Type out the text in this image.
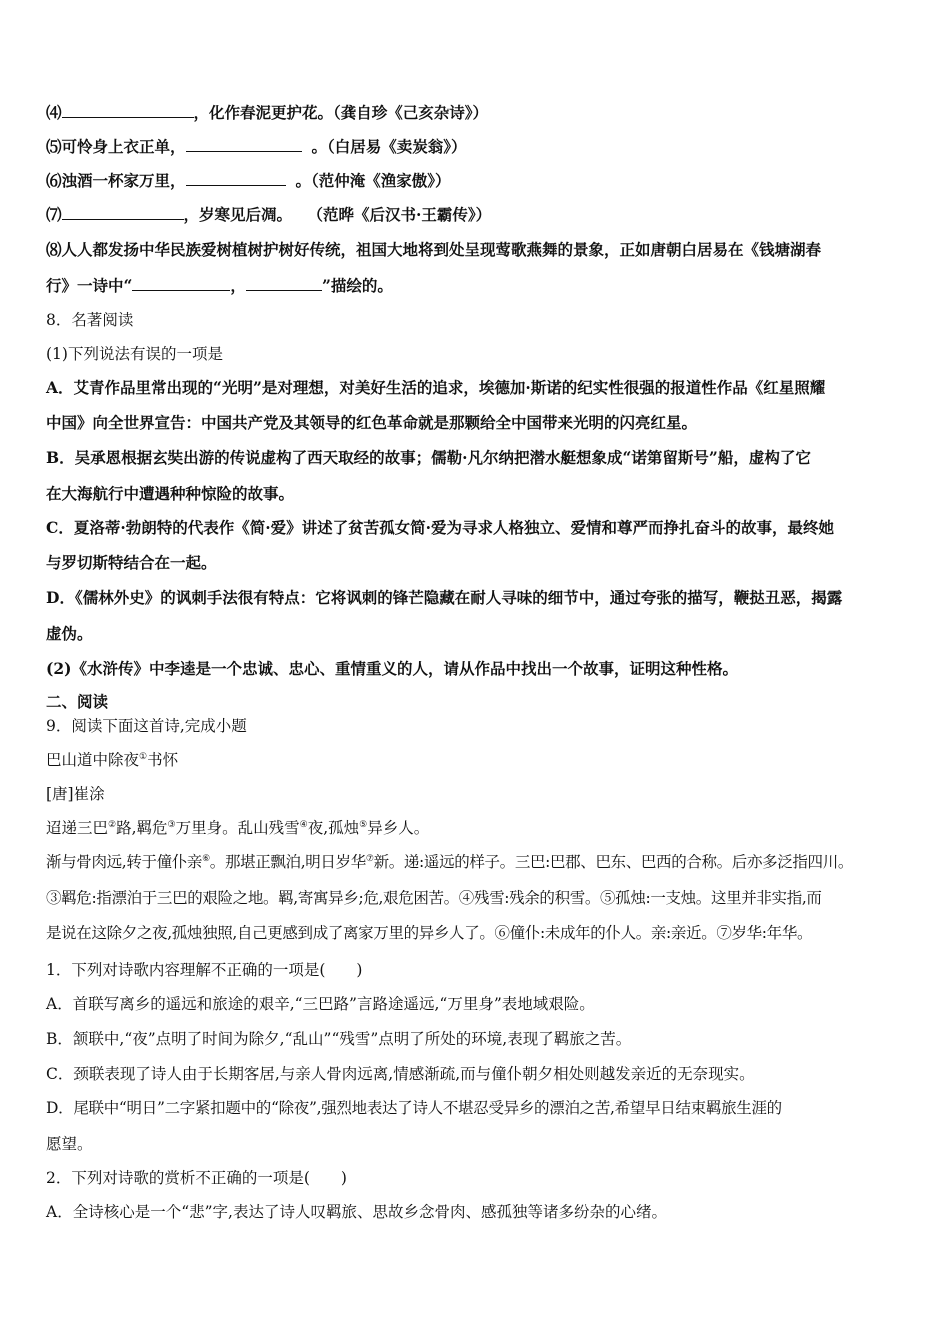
⑷	，化作春泥更护花。（龚自珍《己亥杂诗》）
⑸可怜身上衣正单，	。（白居易《卖炭翁》）
⑹浊酒一杯家万里，	。（范仲淹《渔家傲》）
⑺	，岁寒见后凋。　　（范晔《后汉书·王霸传》）
⑻人人都发扬中华民族爱树植树护树好传统，祖国大地将到处呈现莺歌燕舞的景象，正如唐朝白居易在《钱塘湖春
行》一诗中“	，	”描绘的。
8．名著阅读
(1)下列说法有误的一项是
A．艾青作品里常出现的“光明”是对理想，对美好生活的追求，埃德加·斯诺的纪实性很强的报道性作品《红星照耀
中国》向全世界宣告：中国共产党及其领导的红色革命就是那颗给全中国带来光明的闪亮红星。
B．吴承恩根据玄奘出游的传说虚构了西天取经的故事；儒勒·凡尔纳把潜水艇想象成“诺第留斯号”船，虚构了它
在大海航行中遭遇种种惊险的故事。
C．夏洛蒂·勃朗特的代表作《简·爱》讲述了贫苦孤女简·爱为寻求人格独立、爱情和尊严而挣扎奋斗的故事，最终她
与罗切斯特结合在一起。
D．《儒林外史》的讽刺手法很有特点：它将讽刺的锋芒隐藏在耐人寻味的细节中，通过夸张的描写，鞭挞丑恶，揭露
虚伪。
(2)《水浒传》中李逵是一个忠诚、忠心、重情重义的人，请从作品中找出一个故事，证明这种性格。
二、阅读
9．阅读下面这首诗,完成小题
巴山道中除夜①书怀
[唐]崔涂
迢递三巴②路,羁危③万里身。乱山残雪④夜,孤烛⑤异乡人。
渐与骨肉远,转于僮仆亲⑥。那堪正飘泊,明日岁华⑦新。递:遥远的样子。三巴:巴郡、巴东、巴西的合称。后亦多泛指四川。
③羁危:指漂泊于三巴的艰险之地。羁,寄寓异乡;危,艰危困苦。④残雪:残余的积雪。⑤孤烛:一支烛。这里并非实指,而
是说在这除夕之夜,孤烛独照,自己更感到成了离家万里的异乡人了。⑥僮仆:未成年的仆人。亲:亲近。⑦岁华:年华。
1．下列对诗歌内容理解不正确的一项是(　　)
A．首联写离乡的遥远和旅途的艰辛,“三巴路”言路途遥远,“万里身”表地域艰险。
B．颔联中,“夜”点明了时间为除夕,“乱山”“残雪”点明了所处的环境,表现了羁旅之苦。
C．颈联表现了诗人由于长期客居,与亲人骨肉远离,情感渐疏,而与僮仆朝夕相处则越发亲近的无奈现实。
D．尾联中“明日”二字紧扣题中的“除夜”,强烈地表达了诗人不堪忍受异乡的漂泊之苦,希望早日结束羁旅生涯的
愿望。
2．下列对诗歌的赏析不正确的一项是(　　)
A．全诗核心是一个“悲”字,表达了诗人叹羁旅、思故乡念骨肉、感孤独等诸多纷杂的心绪。
